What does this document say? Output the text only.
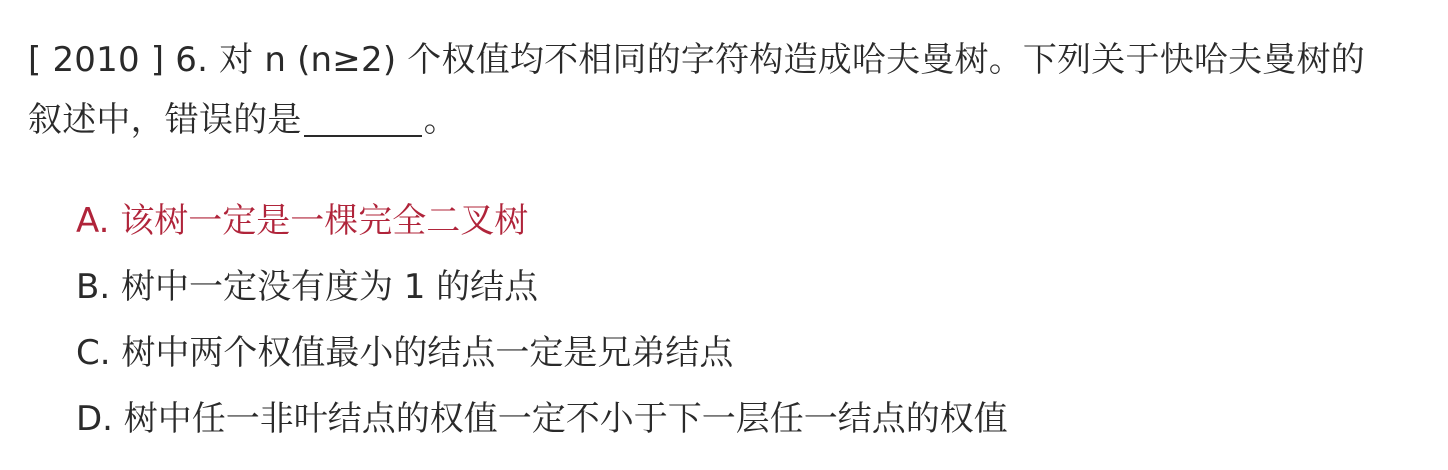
[ 2010 ] 6. 对 n (n≥2) 个权值均不相同的字符构造成哈夫曼树。下列关于快哈夫曼树的
叙述中，错误的是	。
A. 该树一定是一棵完全二叉树
B. 树中一定没有度为 1 的结点
C. 树中两个权值最小的结点一定是兄弟结点
D. 树中任一非叶结点的权值一定不小于下一层任一结点的权值
